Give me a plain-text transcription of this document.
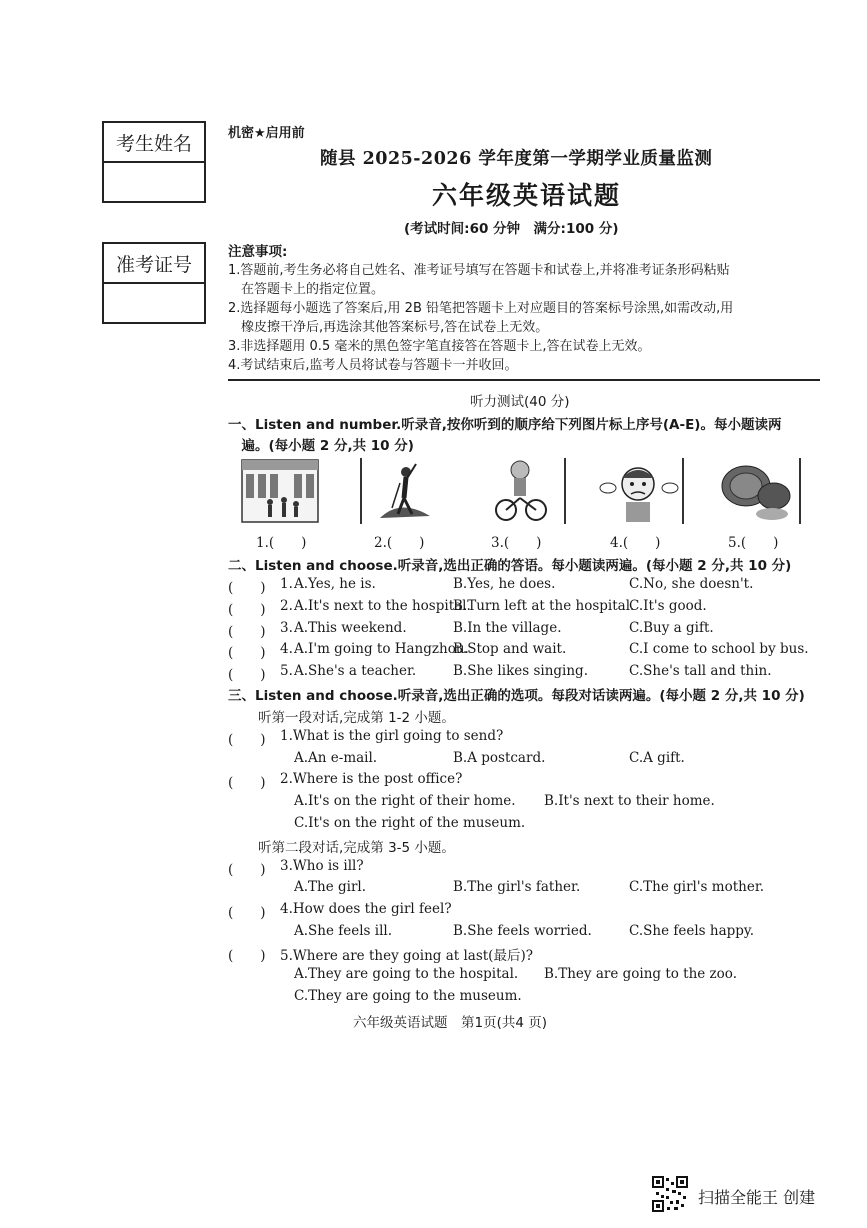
考生姓名
准考证号
机密★启用前
随县 2025-2026 学年度第一学期学业质量监测
六年级英语试题
(考试时间:60 分钟　满分:100 分)
注意事项:
1.答题前,考生务必将自己姓名、准考证号填写在答题卡和试卷上,并将准考证条形码粘贴
　在答题卡上的指定位置。
2.选择题每小题选了答案后,用 2B 铅笔把答题卡上对应题目的答案标号涂黑,如需改动,用
　橡皮擦干净后,再选涂其他答案标号,答在试卷上无效。
3.非选择题用 0.5 毫米的黑色签字笔直接答在答题卡上,答在试卷上无效。
4.考试结束后,监考人员将试卷与答题卡一并收回。
听力测试(40 分)
一、Listen and number.听录音,按你听到的顺序给下列图片标上序号(A-E)。每小题读两
　遍。(每小题 2 分,共 10 分)
1.(　　)	2.(　　)	3.(　　)	4.(　　)	5.(　　)
二、Listen and choose.听录音,选出正确的答语。每小题读两遍。(每小题 2 分,共 10 分)
(　　) 1. A.Yes, he is.	B.Yes, he does.	C.No, she doesn't.
(　　) 2. A.It's next to the hospital.
B.Turn left at the hospital.
C.It's good.
(　　) 3. A.This weekend.	B.In the village.	C.Buy a gift.
(　　) 4. A.I'm going to Hangzhou.
B.Stop and wait.	C.I come to school by bus.
(　　) 5. A.She's a teacher.	B.She likes singing.	C.She's tall and thin.
三、Listen and choose.听录音,选出正确的选项。每段对话读两遍。(每小题 2 分,共 10 分)
听第一段对话,完成第 1-2 小题。
(　　) 1.What is the girl going to send?
A.An e-mail.	B.A postcard.	C.A gift.
(　　) 2.Where is the post office?
A.It's on the right of their home. B.It's next to their home.
C.It's on the right of the museum.
听第二段对话,完成第 3-5 小题。
(　　) 3.Who is ill?
A.The girl.	B.The girl's father.	C.The girl's mother.
(　　) 4.How does the girl feel?
A.She feels ill.	B.She feels worried.	C.She feels happy.
(　　) 5.Where are they going at last(最后)?
A.They are going to the hospital. B.They are going to the zoo.
C.They are going to the museum.
六年级英语试题　第1页(共4 页)
扫描全能王 创建
